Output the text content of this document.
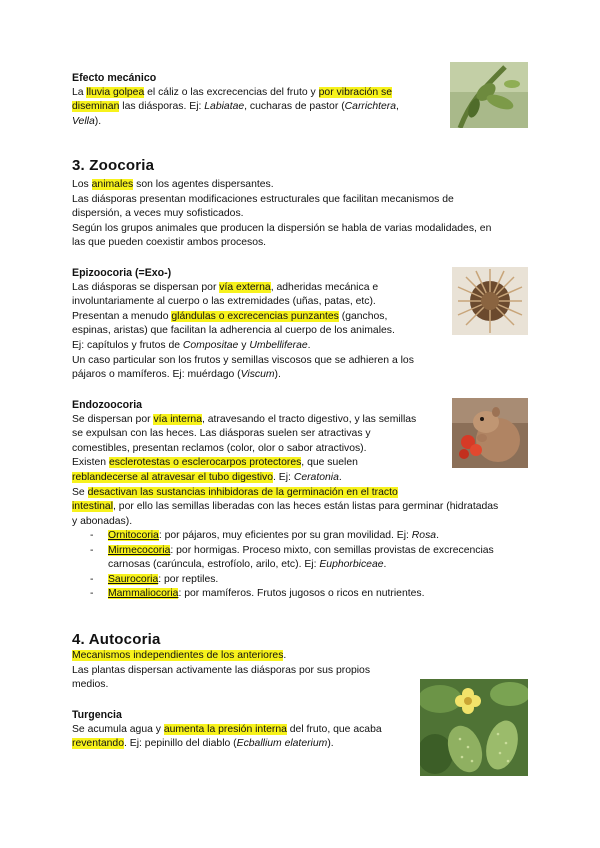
Efecto mecánico
La lluvia golpea el cáliz o las excrecencias del fruto y por vibración se
diseminan las diásporas. Ej: Labiatae, cucharas de pastor (Carrichtera,
Vella).
3. Zoocoria
Los animales son los agentes dispersantes.
Las diásporas presentan modificaciones estructurales que facilitan mecanismos de
dispersión, a veces muy sofisticados.
Según los grupos animales que producen la dispersión se habla de varias modalidades, en
las que pueden coexistir ambos procesos.
Epizoocoria (=Exo-)
Las diásporas se dispersan por vía externa, adheridas mecánica e
involuntariamente al cuerpo o las extremidades (uñas, patas, etc).
Presentan a menudo glándulas o excrecencias punzantes (ganchos,
espinas, aristas) que facilitan la adherencia al cuerpo de los animales.
Ej: capítulos y frutos de Compositae y Umbelliferae.
Un caso particular son los frutos y semillas viscosos que se adhieren a los
pájaros o mamíferos. Ej: muérdago (Viscum).
Endozoocoria
Se dispersan por vía interna, atravesando el tracto digestivo, y las semillas
se expulsan con las heces. Las diásporas suelen ser atractivas y
comestibles, presentan reclamos (color, olor o sabor atractivos).
Existen esclerotestas o esclerocarpos protectores, que suelen
reblandecerse al atravesar el tubo digestivo. Ej: Ceratonia.
Se desactivan las sustancias inhibidoras de la germinación en el tracto
intestinal, por ello las semillas liberadas con las heces están listas para germinar (hidratadas
y abonadas).
- Ornitocoria: por pájaros, muy eficientes por su gran movilidad. Ej: Rosa.
- Mirmecocoria: por hormigas. Proceso mixto, con semillas provistas de excrecencias
carnosas (carúncula, estrofíolo, arilo, etc). Ej: Euphorbiceae.
- Saurocoria: por reptiles.
- Mammaliocoria: por mamíferos. Frutos jugosos o ricos en nutrientes.
4. Autocoria
Mecanismos independientes de los anteriores.
Las plantas dispersan activamente las diásporas por sus propios
medios.
Turgencia
Se acumula agua y aumenta la presión interna del fruto, que acaba
reventando. Ej: pepinillo del diablo (Ecballium elaterium).
